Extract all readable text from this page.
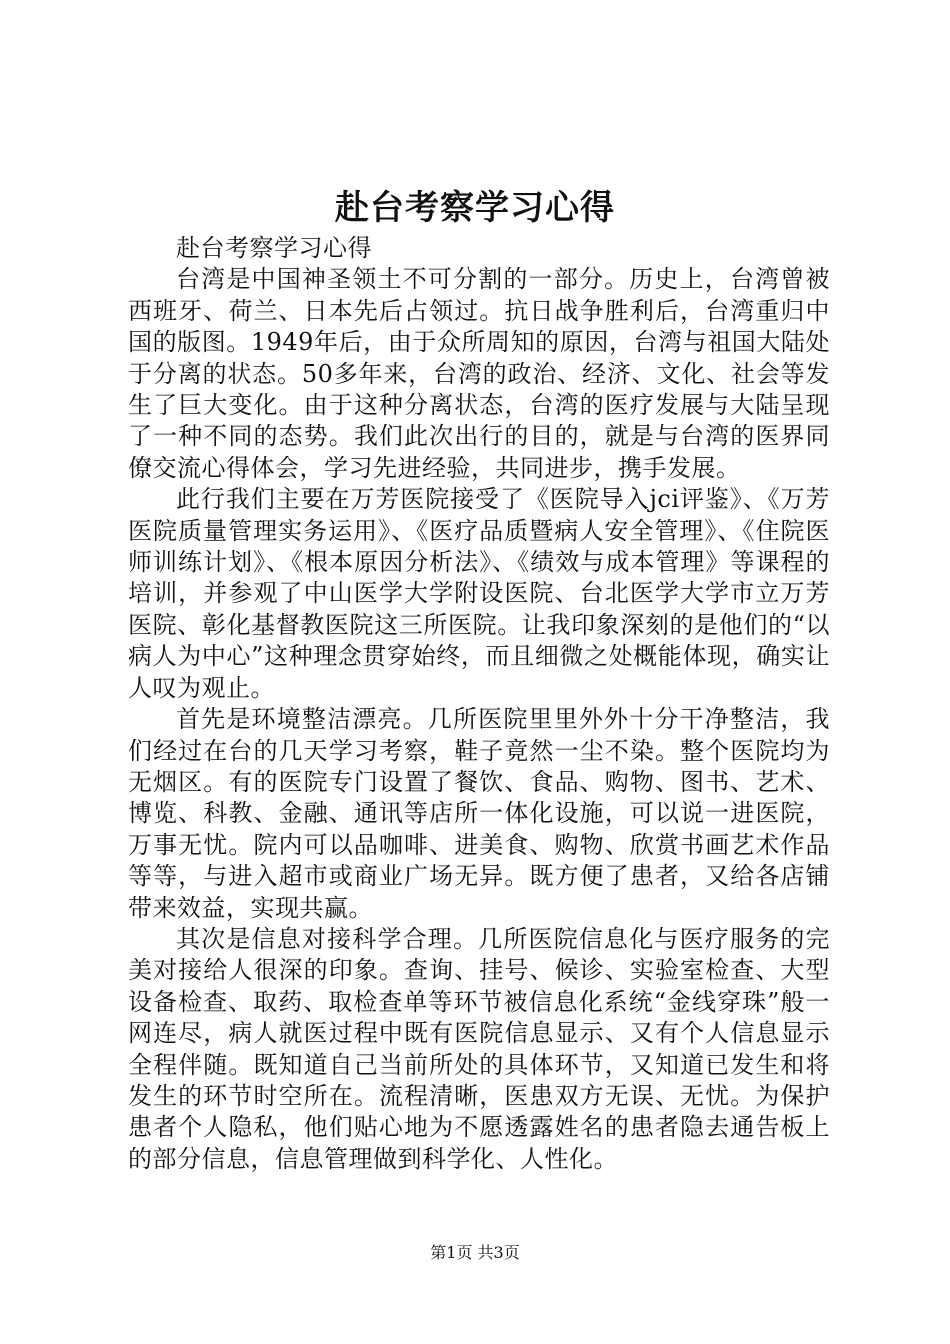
赴台考察学习心得

赴台考察学习心得

台湾是中国神圣领土不可分割的一部分。历史上，台湾曾被西班牙、荷兰、日本先后占领过。抗日战争胜利后，台湾重归中国的版图。1949年后，由于众所周知的原因，台湾与祖国大陆处于分离的状态。50多年来，台湾的政治、经济、文化、社会等发生了巨大变化。由于这种分离状态，台湾的医疗发展与大陆呈现了一种不同的态势。我们此次出行的目的，就是与台湾的医界同僚交流心得体会，学习先进经验，共同进步，携手发展。

此行我们主要在万芳医院接受了《医院导入jci评鉴》、《万芳医院质量管理实务运用》、《医疗品质暨病人安全管理》、《住院医师训练计划》、《根本原因分析法》、《绩效与成本管理》等课程的培训，并参观了中山医学大学附设医院、台北医学大学市立万芳医院、彰化基督教医院这三所医院。让我印象深刻的是他们的“以病人为中心”这种理念贯穿始终，而且细微之处概能体现，确实让人叹为观止。

首先是环境整洁漂亮。几所医院里里外外十分干净整洁，我们经过在台的几天学习考察，鞋子竟然一尘不染。整个医院均为无烟区。有的医院专门设置了餐饮、食品、购物、图书、艺术、博览、科教、金融、通讯等店所一体化设施，可以说一进医院，万事无忧。院内可以品咖啡、进美食、购物、欣赏书画艺术作品等等，与进入超市或商业广场无异。既方便了患者，又给各店铺带来效益，实现共赢。

其次是信息对接科学合理。几所医院信息化与医疗服务的完美对接给人很深的印象。查询、挂号、候诊、实验室检查、大型设备检查、取药、取检查单等环节被信息化系统“金线穿珠”般一网连尽，病人就医过程中既有医院信息显示、又有个人信息显示全程伴随。既知道自己当前所处的具体环节，又知道已发生和将发生的环节时空所在。流程清晰，医患双方无误、无忧。为保护患者个人隐私，他们贴心地为不愿透露姓名的患者隐去通告板上的部分信息，信息管理做到科学化、人性化。

第1页 共3页
